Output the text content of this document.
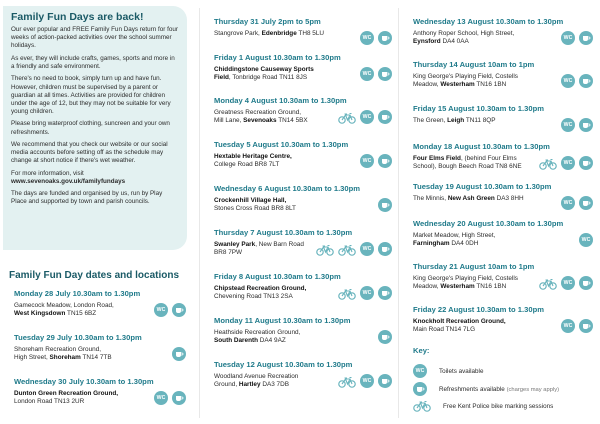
Family Fun Days are back!

Our ever popular and FREE Family Fun Days return for four weeks of action-packed activities over the school summer holidays.

As ever, they will include crafts, games, sports and more in a friendly and safe environment.

There's no need to book, simply turn up and have fun. However, children must be supervised by a parent or guardian at all times. Activities are provided for children under the age of 12, but they may not be suitable for very young children.

Please bring waterproof clothing, suncreen and your own refreshments.

We recommend that you check our website or our social media accounts before setting off as the schedule may change at short notice if there's wet weather.

For more information, visit
www.sevenoaks.gov.uk/familyfundays

The days are funded and organised by us, run by Play Place and supported by town and parish councils.

Family Fun Day dates and locations
Monday 28 July 10.30am to 1.30pm
Gamecock Meadow, London Road,
West Kingsdown TN15 6BZ	WC
Tuesday 29 July 10.30am to 1.30pm
Shoreham Recreation Ground,
High Street, Shoreham TN14 7TB
Wednesday 30 July 10.30am to 1.30pm
Dunton Green Recreation Ground,
London Road TN13 2UR	WC
Thursday 31 July 2pm to 5pm
Stangrove Park, Edenbridge TH8 5LU
WC
Friday 1 August 10.30am to 1.30pm
Chiddingstone Causeway Sports
Field, Tonbridge Road TN11 8JS	WC
Monday 4 August 10.30am to 1.30pm
Greatness Recreation Ground,
Mill Lane, Sevenoaks TN14 5BX	WC
Tuesday 5 August 10.30am to 1.30pm
Hextable Heritage Centre,
College Road BR8 7LT	WC
Wednesday 6 August 10.30am to 1.30pm
Crockenhill Village Hall,
Stones Cross Road BR8 8LT
Thursday 7 August 10.30am to 1.30pm
Swanley Park, New Barn Road
BR8 7PW	WC
Friday 8 August 10.30am to 1.30pm
Chipstead Recreation Ground,
Chevening Road TN13 2SA	WC
Monday 11 August 10.30am to 1.30pm
Heathside Recreation Ground,
South Darenth DA4 9AZ
Tuesday 12 August 10.30am to 1.30pm
Woodland Avenue Recreation
Ground, Hartley DA3 7DB	WC
Wednesday 13 August 10.30am to 1.30pm
Anthony Roper School, High Street,
Eynsford DA4 0AA	WC
Thursday 14 August 10am to 1pm
King George's Playing Field, Costells
Meadow, Westerham TN16 1BN	WC
Friday 15 August 10.30am to 1.30pm
The Green, Leigh TN11 8QP
WC
Monday 18 August 10.30am to 1.30pm
Four Elms Field, (behind Four Elms
School), Bough Beech Road TN8 6NE	WC
Tuesday 19 August 10.30am to 1.30pm
The Minnis, New Ash Green DA3 8HH
WC
Wednesday 20 August 10.30am to 1.30pm
Market Meadow, High Street,
Farningham DA4 0DH	WC
Thursday 21 August 10am to 1pm
King George's Playing Field, Costells
Meadow, Westerham TN16 1BN	WC
Friday 22 August 10.30am to 1.30pm
Knockholt Recreation Ground,
Main Road TN14 7LG	WC
Key:
WC Toilets available
Refreshments available (charges may apply)
Free Kent Police bike marking sessions
